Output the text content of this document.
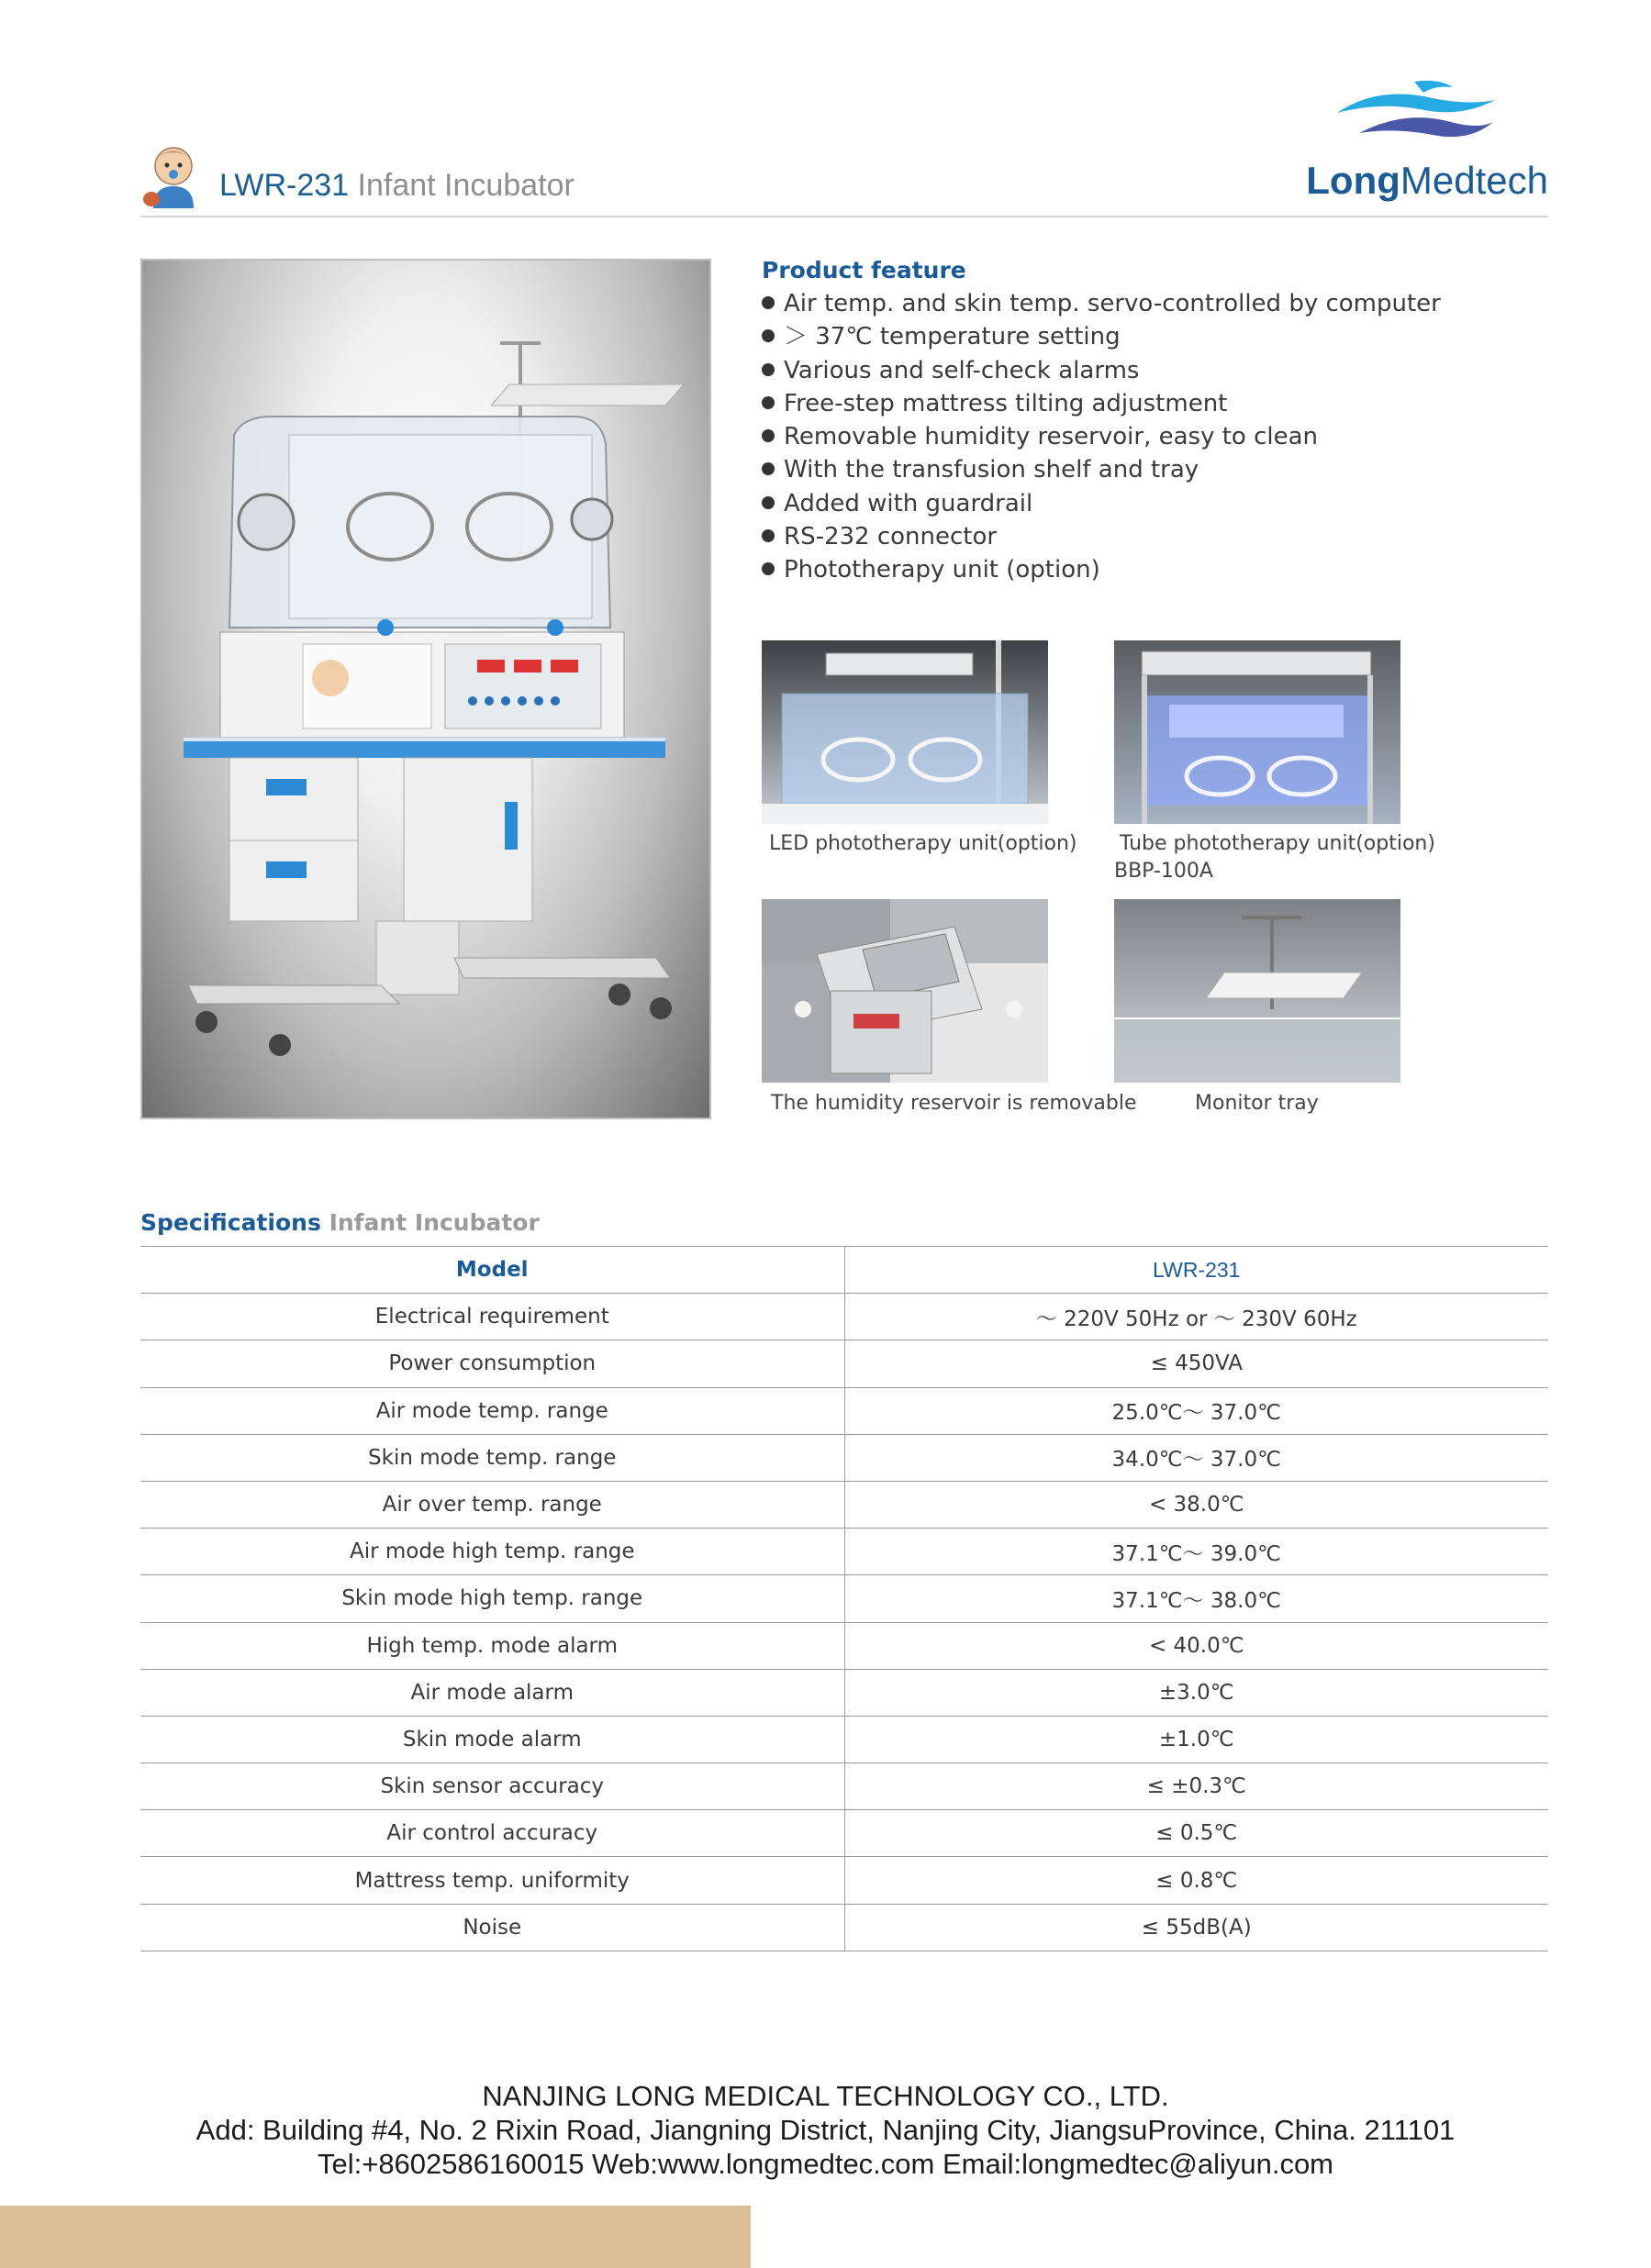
LWR-231 Infant Incubator	LongMedtech
Product feature
Air temp. and skin temp. servo-controlled by computer
＞ 37℃ temperature setting
Various and self-check alarms
Free-step mattress tilting adjustment
Removable humidity reservoir, easy to clean
With the transfusion shelf and tray
Added with guardrail
RS-232 connector
Phototherapy unit (option)
LED phototherapy unit(option) Tube phototherapy unit(option)
BBP-100A
The humidity reservoir is removable	Monitor tray
Specifications Infant Incubator
Model	LWR-231
Electrical requirement	～ 220V 50Hz or ～ 230V 60Hz
Power consumption	≤ 450VA
Air mode temp. range	25.0℃～ 37.0℃
Skin mode temp. range	34.0℃～ 37.0℃
Air over temp. range	< 38.0℃
Air mode high temp. range	37.1℃～ 39.0℃
Skin mode high temp. range	37.1℃～ 38.0℃
High temp. mode alarm	< 40.0℃
Air mode alarm	±3.0℃
Skin mode alarm	±1.0℃
Skin sensor accuracy	≤ ±0.3℃
Air control accuracy	≤ 0.5℃
Mattress temp. uniformity	≤ 0.8℃
Noise	≤ 55dB(A)
NANJING LONG MEDICAL TECHNOLOGY CO., LTD.
Add: Building #4, No. 2 Rixin Road, Jiangning District, Nanjing City, JiangsuProvince, China. 211101
Tel:+8602586160015 Web:www.longmedtec.com Email:longmedtec@aliyun.com
